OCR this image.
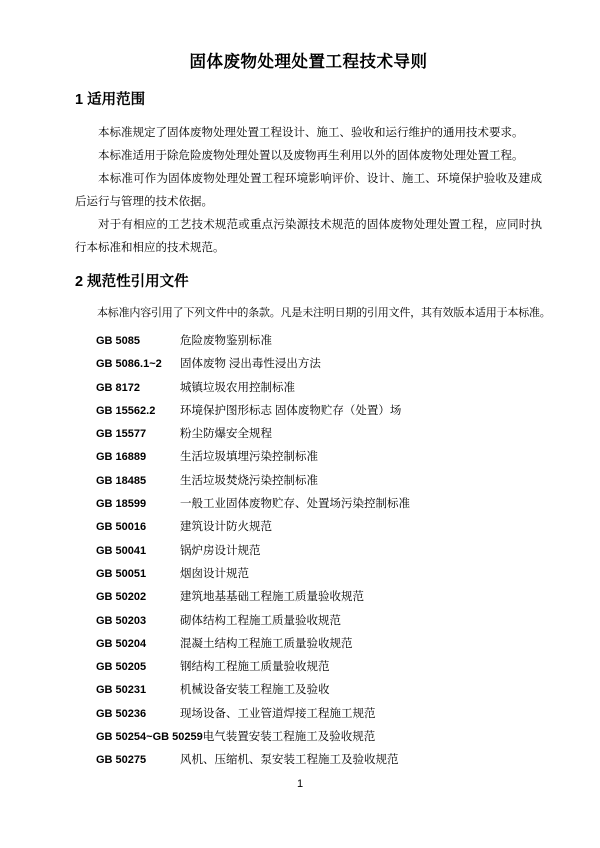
固体废物处理处置工程技术导则
1 适用范围

本标准规定了固体废物处理处置工程设计、施工、验收和运行维护的通用技术要求。

本标准适用于除危险废物处理处置以及废物再生利用以外的固体废物处理处置工程。

本标准可作为固体废物处理处置工程环境影响评价、设计、施工、环境保护验收及建成后运行与管理的技术依据。

对于有相应的工艺技术规范或重点污染源技术规范的固体废物处理处置工程，应同时执行本标准和相应的技术规范。

2 规范性引用文件

本标准内容引用了下列文件中的条款。凡是未注明日期的引用文件，其有效版本适用于本标准。

GB 5085	危险废物鉴别标准
GB 5086.1~2	固体废物 浸出毒性浸出方法
GB 8172	城镇垃圾农用控制标准
GB 15562.2	环境保护图形标志 固体废物贮存（处置）场
GB 15577	粉尘防爆安全规程
GB 16889	生活垃圾填埋污染控制标准
GB 18485	生活垃圾焚烧污染控制标准
GB 18599	一般工业固体废物贮存、处置场污染控制标准
GB 50016	建筑设计防火规范
GB 50041	锅炉房设计规范
GB 50051	烟囱设计规范
GB 50202	建筑地基基础工程施工质量验收规范
GB 50203	砌体结构工程施工质量验收规范
GB 50204	混凝土结构工程施工质量验收规范
GB 50205	钢结构工程施工质量验收规范
GB 50231	机械设备安装工程施工及验收
GB 50236	现场设备、工业管道焊接工程施工规范
GB 50254~GB 50259 电气装置安装工程施工及验收规范
GB 50275	风机、压缩机、泵安装工程施工及验收规范
1
